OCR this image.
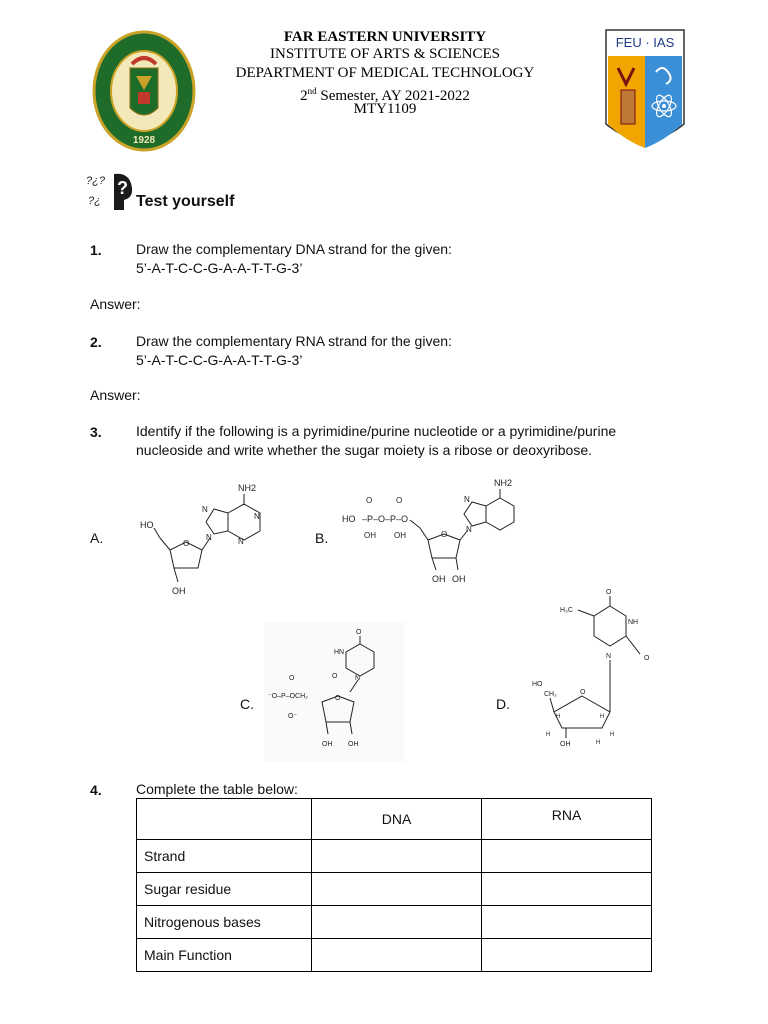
1928
FAR EASTERN UNIVERSITY
INSTITUTE OF ARTS & SCIENCES
DEPARTMENT OF MEDICAL TECHNOLOGY
2nd Semester, AY 2021-2022
MTY1109
FEU · IAS
?¿?
?¿
?
Test yourself
1. Draw the complementary DNA strand for the given:
5’-A-T-C-C-G-A-A-T-T-G-3’
Answer:
2. Draw the complementary RNA strand for the given:
5’-A-T-C-C-G-A-A-T-T-G-3’
Answer:
3. Identify if the following is a pyrimidine/purine nucleotide or a pyrimidine/purine
nucleoside and write whether the sugar moiety is a ribose or deoxyribose.
A.
NH2
N
N
N
N
O
HO
OH
B.
NH2
N
N
O
HO –P–O–P–O
O	O
OH OH
OH OH
C.
O
HN
N
O
O
⁻O–P–OCH₂
O
O⁻
OH OH
D.
O
H₃C
NH
N	O
O
HO
CH₂
H	H
H	H
OH	H
4. Complete the table below:
	DNA	RNA
Strand		
Sugar residue		
Nitrogenous bases		
Main Function		
